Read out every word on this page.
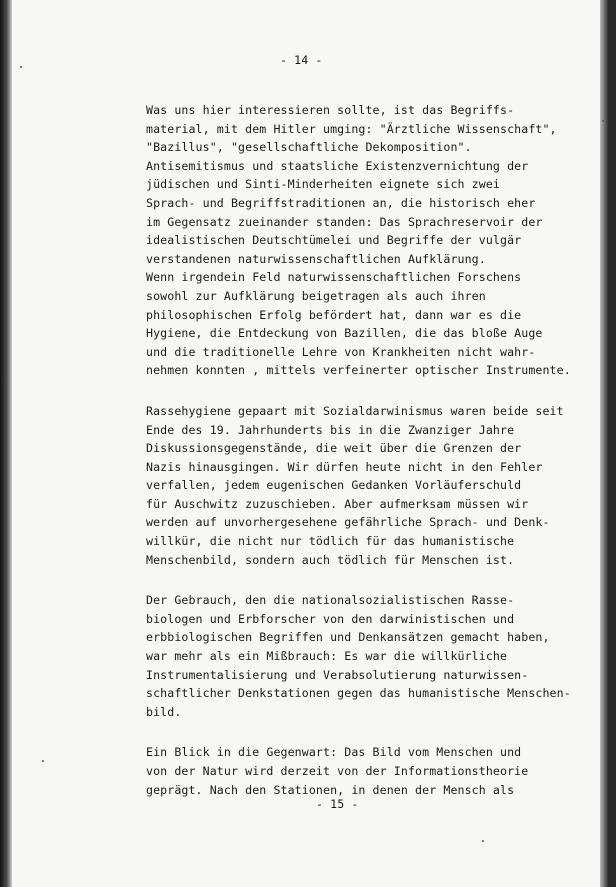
- 14 -
Was uns hier interessieren sollte, ist das Begriffs-
material, mit dem Hitler umging: "Ärztliche Wissenschaft",
"Bazillus", "gesellschaftliche Dekomposition".
Antisemitismus und staatsliche Existenzvernichtung der
jüdischen und Sinti-Minderheiten eignete sich zwei
Sprach- und Begriffstraditionen an, die historisch eher
im Gegensatz zueinander standen: Das Sprachreservoir der
idealistischen Deutschtümelei und Begriffe der vulgär
verstandenen naturwissenschaftlichen Aufklärung.
Wenn irgendein Feld naturwissenschaftlichen Forschens
sowohl zur Aufklärung beigetragen als auch ihren
philosophischen Erfolg befördert hat, dann war es die
Hygiene, die Entdeckung von Bazillen, die das bloße Auge
und die traditionelle Lehre von Krankheiten nicht wahr-
nehmen konnten , mittels verfeinerter optischer Instrumente.
Rassehygiene gepaart mit Sozialdarwinismus waren beide seit
Ende des 19. Jahrhunderts bis in die Zwanziger Jahre
Diskussionsgegenstände, die weit über die Grenzen der
Nazis hinausgingen. Wir dürfen heute nicht in den Fehler
verfallen, jedem eugenischen Gedanken Vorläuferschuld
für Auschwitz zuzuschieben. Aber aufmerksam müssen wir
werden auf unvorhergesehene gefährliche Sprach- und Denk-
willkür, die nicht nur tödlich für das humanistische
Menschenbild, sondern auch tödlich für Menschen ist.
Der Gebrauch, den die nationalsozialistischen Rasse-
biologen und Erbforscher von den darwinistischen und
erbbiologischen Begriffen und Denkansätzen gemacht haben,
war mehr als ein Mißbrauch: Es war die willkürliche
Instrumentalisierung und Verabsolutierung naturwissen-
schaftlicher Denkstationen gegen das humanistische Menschen-
bild.
Ein Blick in die Gegenwart: Das Bild vom Menschen und
von der Natur wird derzeit von der Informationstheorie
geprägt. Nach den Stationen, in denen der Mensch als
- 15 -
